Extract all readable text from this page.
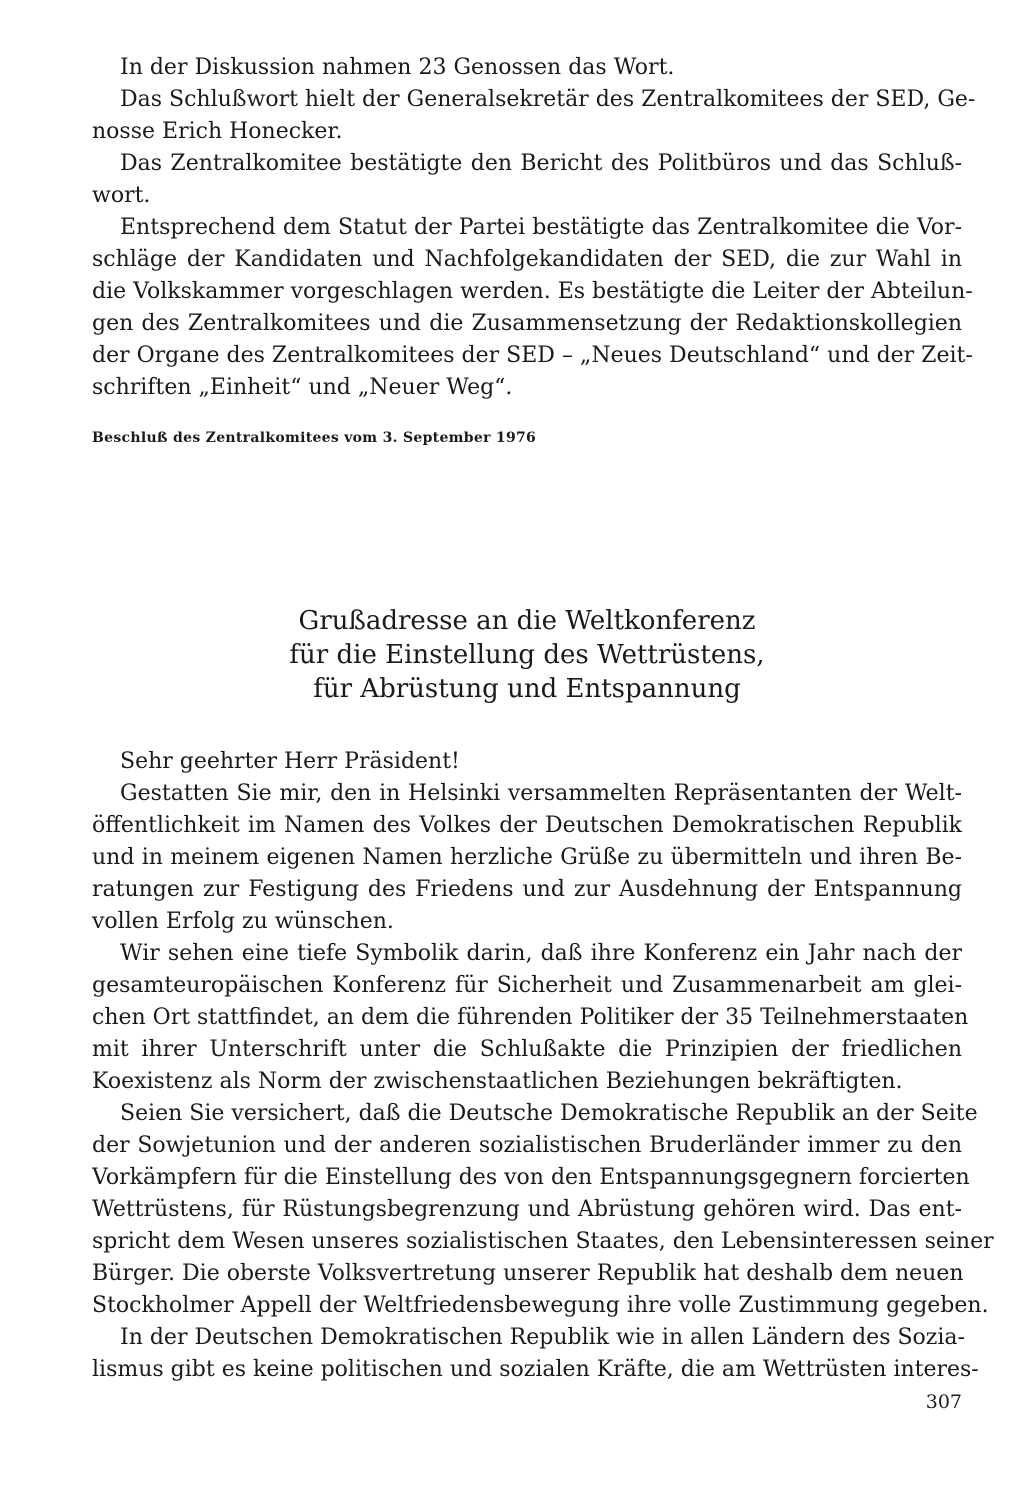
In der Diskussion nahmen 23 Genossen das Wort.
Das Schlußwort hielt der Generalsekretär des Zentralkomitees der SED, Ge-
nosse Erich Honecker.
Das Zentralkomitee bestätigte den Bericht des Politbüros und das Schluß-
wort.
Entsprechend dem Statut der Partei bestätigte das Zentralkomitee die Vor-
schläge der Kandidaten und Nachfolgekandidaten der SED, die zur Wahl in
die Volkskammer vorgeschlagen werden. Es bestätigte die Leiter der Abteilun-
gen des Zentralkomitees und die Zusammensetzung der Redaktionskollegien
der Organe des Zentralkomitees der SED – „Neues Deutschland“ und der Zeit-
schriften „Einheit“ und „Neuer Weg“.
Beschluß des Zentralkomitees vom 3. September 1976
Grußadresse an die Weltkonferenz
für die Einstellung des Wettrüstens,
für Abrüstung und Entspannung
Sehr geehrter Herr Präsident!
Gestatten Sie mir, den in Helsinki versammelten Repräsentanten der Welt-
öffentlichkeit im Namen des Volkes der Deutschen Demokratischen Republik
und in meinem eigenen Namen herzliche Grüße zu übermitteln und ihren Be-
ratungen zur Festigung des Friedens und zur Ausdehnung der Entspannung
vollen Erfolg zu wünschen.
Wir sehen eine tiefe Symbolik darin, daß ihre Konferenz ein Jahr nach der
gesamteuropäischen Konferenz für Sicherheit und Zusammenarbeit am glei-
chen Ort stattfindet, an dem die führenden Politiker der 35 Teilnehmerstaaten
mit ihrer Unterschrift unter die Schlußakte die Prinzipien der friedlichen
Koexistenz als Norm der zwischenstaatlichen Beziehungen bekräftigten.
Seien Sie versichert, daß die Deutsche Demokratische Republik an der Seite
der Sowjetunion und der anderen sozialistischen Bruderländer immer zu den
Vorkämpfern für die Einstellung des von den Entspannungsgegnern forcierten
Wettrüstens, für Rüstungsbegrenzung und Abrüstung gehören wird. Das ent-
spricht dem Wesen unseres sozialistischen Staates, den Lebensinteressen seiner
Bürger. Die oberste Volksvertretung unserer Republik hat deshalb dem neuen
Stockholmer Appell der Weltfriedensbewegung ihre volle Zustimmung gegeben.
In der Deutschen Demokratischen Republik wie in allen Ländern des Sozia-
lismus gibt es keine politischen und sozialen Kräfte, die am Wettrüsten interes-
307
